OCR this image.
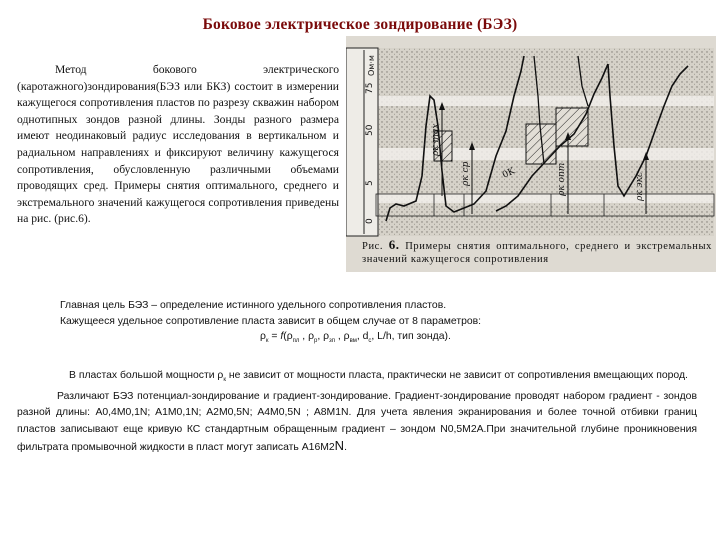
Боковое электрическое зондирование (БЭЗ)
Метод бокового электрического (каротажного)зондирования(БЭЗ или БКЗ) состоит в измерении кажущегося сопротивления пластов по разрезу скважин набором однотипных зондов разной длины. Зонды разного размера имеют неодинаковый радиус исследования в вертикальном и радиальном направлениях и фиксируют величину кажущегося сопротивления, обусловленную различными объемами проводящих сред. Примеры снятия оптимального, среднего и экстремального значений кажущегося сопротивления приведены на рис. (рис.6).	0
5
50
75
Ом·м
ρк max
ρк ср	ρк опт	ρк экс
0K
Рис. 6. Примеры снятия оптимального, среднего и экстремальных значений кажущегося сопротивления
Главная цель БЭЗ – определение истинного удельного сопротивления пластов.
Кажущееся удельное сопротивление пласта зависит в общем случае от 8 параметров:
$\rho_к = f(\rho_{пл}$ , $\rho_р$, $\rho_{зп}$ , $\rho_{вм}$, $d_с$, L/h, тип зонда).

В пластах большой мощности $\rho_к$ не зависит от мощности пласта, практически не зависит от сопротивления вмещающих пород.

Различают БЭЗ потенциал-зондирование и градиент-зондирование. Градиент-зондирование проводят набором градиент - зондов разной длины: A0,4M0,1N; A1M0,1N; A2M0,5N; A4M0,5N ; A8M1N. Для учета явления экранирования и более точной отбивки границ пластов записывают еще кривую КС стандартным обращенным градиент – зондом N0,5M2A.При значительной глубине проникновения фильтрата промывочной жидкости в пласт могут записать A16M2N.
